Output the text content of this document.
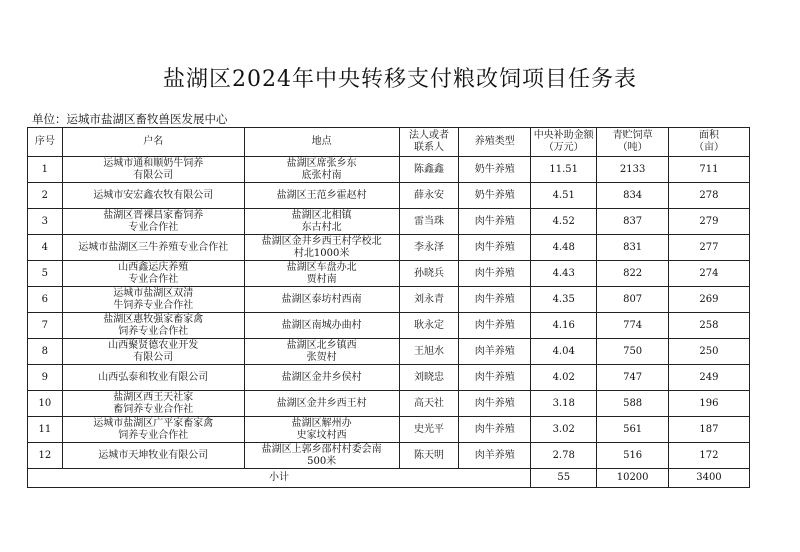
盐湖区2024年中央转移支付粮改饲项目任务表
单位：运城市盐湖区畜牧兽医发展中心
序号	户名	地点	法人或者
联系人	养殖类型	中央补助金额
（万元）	青贮饲草
（吨）	面积
（亩）
1	运城市通和顺奶牛饲养
有限公司	盐湖区席张乡东
底张村南	陈鑫鑫	奶牛养殖	11.51	2133	711
2	运城市安宏鑫农牧有限公司	盐湖区王范乡霍赵村	薛永安	奶牛养殖	4.51	834	278
3	盐湖区晋裸昌家畜饲养
专业合作社	盐湖区北相镇
东古村北	雷当珠	肉牛养殖	4.52	837	279
4	运城市盐湖区三牛养殖专业合作社	盐湖区金井乡西王村学校北
村北1000米	李永泽	肉牛养殖	4.48	831	277
5	山西鑫运庆养殖
专业合作社	盐湖区车盘办北
贾村南	孙晓兵	肉牛养殖	4.43	822	274
6	运城市盐湖区双清
牛饲养专业合作社	盐湖区泰坊村西南	刘永青	肉牛养殖	4.35	807	269
7	盐湖区惠牧强家畜家禽
饲养专业合作社	盐湖区南城办曲村	耿永定	肉牛养殖	4.16	774	258
8	山西聚贤德农业开发
有限公司	盐湖区北乡镇西
张贺村	王旭水	肉羊养殖	4.04	750	250
9	山西弘泰和牧业有限公司	盐湖区金井乡侯村	刘晓忠	肉牛养殖	4.02	747	249
10	盐湖区西王天社家
畜饲养专业合作社	盐湖区金井乡西王村	高天社	肉牛养殖	3.18	588	196
11	运城市盐湖区广平家畜家禽
饲养专业合作社	盐湖区解州办
史家坟村西	史光平	肉牛养殖	3.02	561	187
12	运城市天坤牧业有限公司	盐湖区上郭乡邵村村委会南
500米	陈天明	肉羊养殖	2.78	516	172
小计					55	10200	3400
